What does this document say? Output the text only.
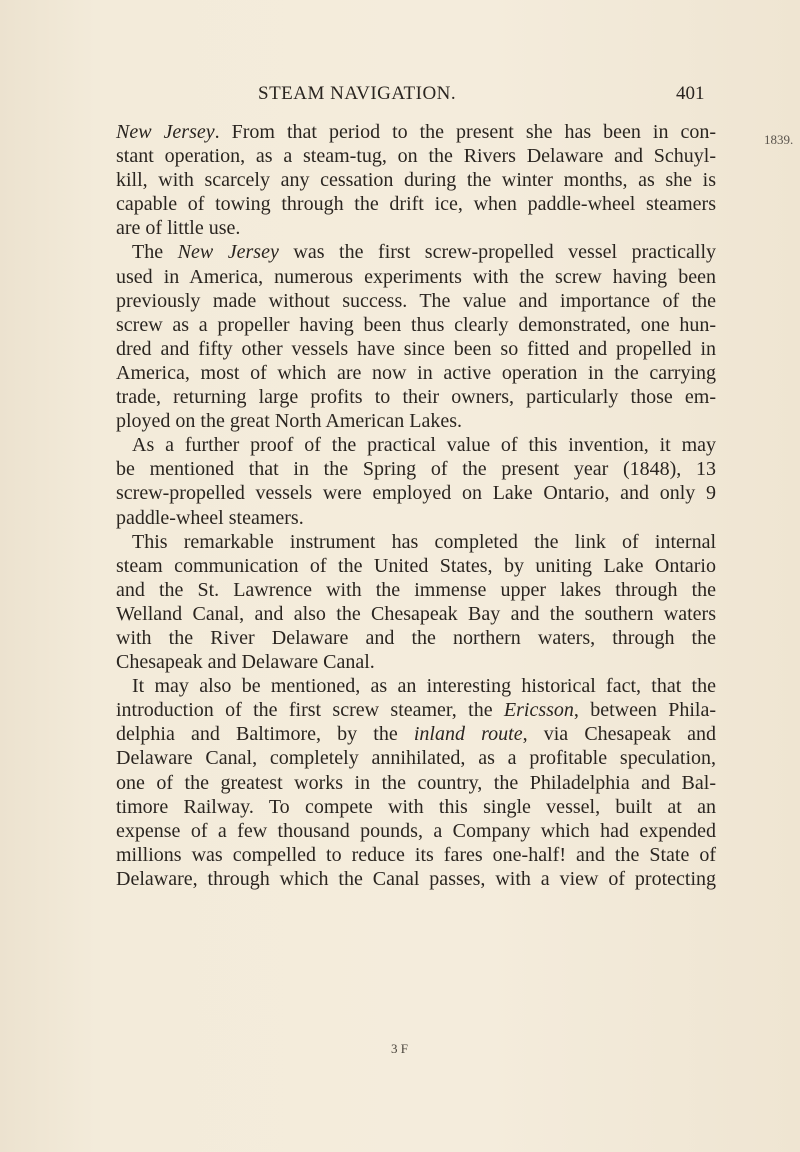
STEAM NAVIGATION.	401
1839.
New Jersey. From that period to the present she has been in con-
stant operation, as a steam-tug, on the Rivers Delaware and Schuyl-
kill, with scarcely any cessation during the winter months, as she is
capable of towing through the drift ice, when paddle-wheel steamers
are of little use.
The New Jersey was the first screw-propelled vessel practically
used in America, numerous experiments with the screw having been
previously made without success. The value and importance of the
screw as a propeller having been thus clearly demonstrated, one hun-
dred and fifty other vessels have since been so fitted and propelled in
America, most of which are now in active operation in the carrying
trade, returning large profits to their owners, particularly those em-
ployed on the great North American Lakes.
As a further proof of the practical value of this invention, it may
be mentioned that in the Spring of the present year (1848), 13
screw-propelled vessels were employed on Lake Ontario, and only 9
paddle-wheel steamers.
This remarkable instrument has completed the link of internal
steam communication of the United States, by uniting Lake Ontario
and the St. Lawrence with the immense upper lakes through the
Welland Canal, and also the Chesapeak Bay and the southern waters
with the River Delaware and the northern waters, through the
Chesapeak and Delaware Canal.
It may also be mentioned, as an interesting historical fact, that the
introduction of the first screw steamer, the Ericsson, between Phila-
delphia and Baltimore, by the inland route, via Chesapeak and
Delaware Canal, completely annihilated, as a profitable speculation,
one of the greatest works in the country, the Philadelphia and Bal-
timore Railway. To compete with this single vessel, built at an
expense of a few thousand pounds, a Company which had expended
millions was compelled to reduce its fares one-half! and the State of
Delaware, through which the Canal passes, with a view of protecting
3 F
